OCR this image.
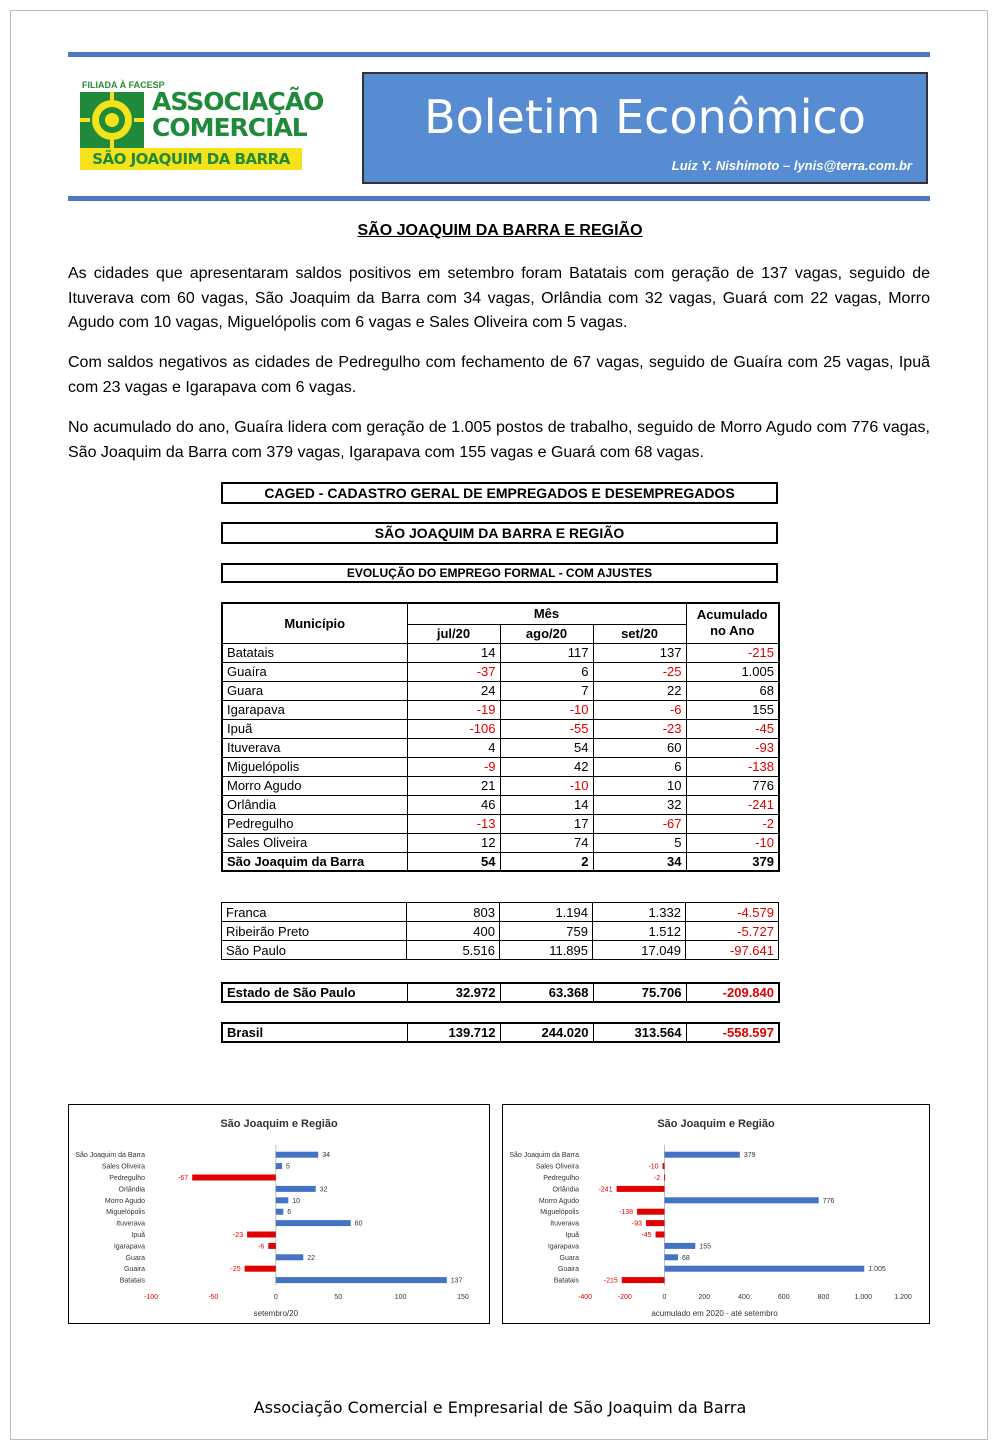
FILIADA À FACESP
ASSOCIAÇÃO
COMERCIAL
SÃO JOAQUIM DA BARRA
Boletim Econômico
Luiz Y. Nishimoto – lynis@terra.com.br
SÃO JOAQUIM DA BARRA E REGIÃO
As cidades que apresentaram saldos positivos em setembro foram Batatais com geração de 137 vagas, seguido de Ituverava com 60 vagas, São Joaquim da Barra com 34 vagas, Orlândia com 32 vagas, Guará com 22 vagas, Morro Agudo com 10 vagas, Miguelópolis com 6 vagas e Sales Oliveira com 5 vagas.
Com saldos negativos as cidades de Pedregulho com fechamento de 67 vagas, seguido de Guaíra com 25 vagas, Ipuã com 23 vagas e Igarapava com 6 vagas.
No acumulado do ano, Guaíra lidera com geração de 1.005 postos de trabalho, seguido de Morro Agudo com 776 vagas, São Joaquim da Barra com 379 vagas, Igarapava com 155 vagas e Guará com 68 vagas.
CAGED - CADASTRO GERAL DE EMPREGADOS E DESEMPREGADOS
SÃO JOAQUIM DA BARRA E REGIÃO
EVOLUÇÃO DO EMPREGO FORMAL - COM AJUSTES
Município	Mês			Acumulado no Ano
	jul/20	ago/20	set/20	
Batatais	14	117	137	-215
Guaíra	-37	6	-25	1.005
Guara	24	7	22	68
Igarapava	-19	-10	-6	155
Ipuã	-106	-55	-23	-45
Ituverava	4	54	60	-93
Miguelópolis	-9	42	6	-138
Morro Agudo	21	-10	10	776
Orlândia	46	14	32	-241
Pedregulho	-13	17	-67	-2
Sales Oliveira	12	74	5	-10
São Joaquim da Barra	54	2	34	379
Franca	803	1.194	1.332	-4.579
Ribeirão Preto	400	759	1.512	-5.727
São Paulo	5.516	11.895	17.049	-97.641
Estado de São Paulo	32.972	63.368	75.706	-209.840
Brasil	139.712	244.020	313.564	-558.597
São Joaquim e Região
São Joaquim da Barra	34
Sales Oliveira	5
Pedregulho	-67
Orlândia	32
Morro Agudo	10
Miguelópolis	6
Ituverava	60
Ipuã	-23
Igarapava	-6
Guara	22
Guaira	-25
Batatais	137
-100	-50	0	50	100	150
setembro/20
São Joaquim e Região
São Joaquim da Barra	379
Sales Oliveira	-10
Pedregulho	-2
Orlândia	-241
Morro Agudo	776
Miguelópolis	-138
Ituverava	-93
Ipuã	-45
Igarapava	155
Guara	68
Guaira	1.005
Batatais	-215
-400	-200	0	200	400	600	800	1.000	1.200
acumulado em 2020 - até setembro
Associação Comercial e Empresarial de São Joaquim da Barra
